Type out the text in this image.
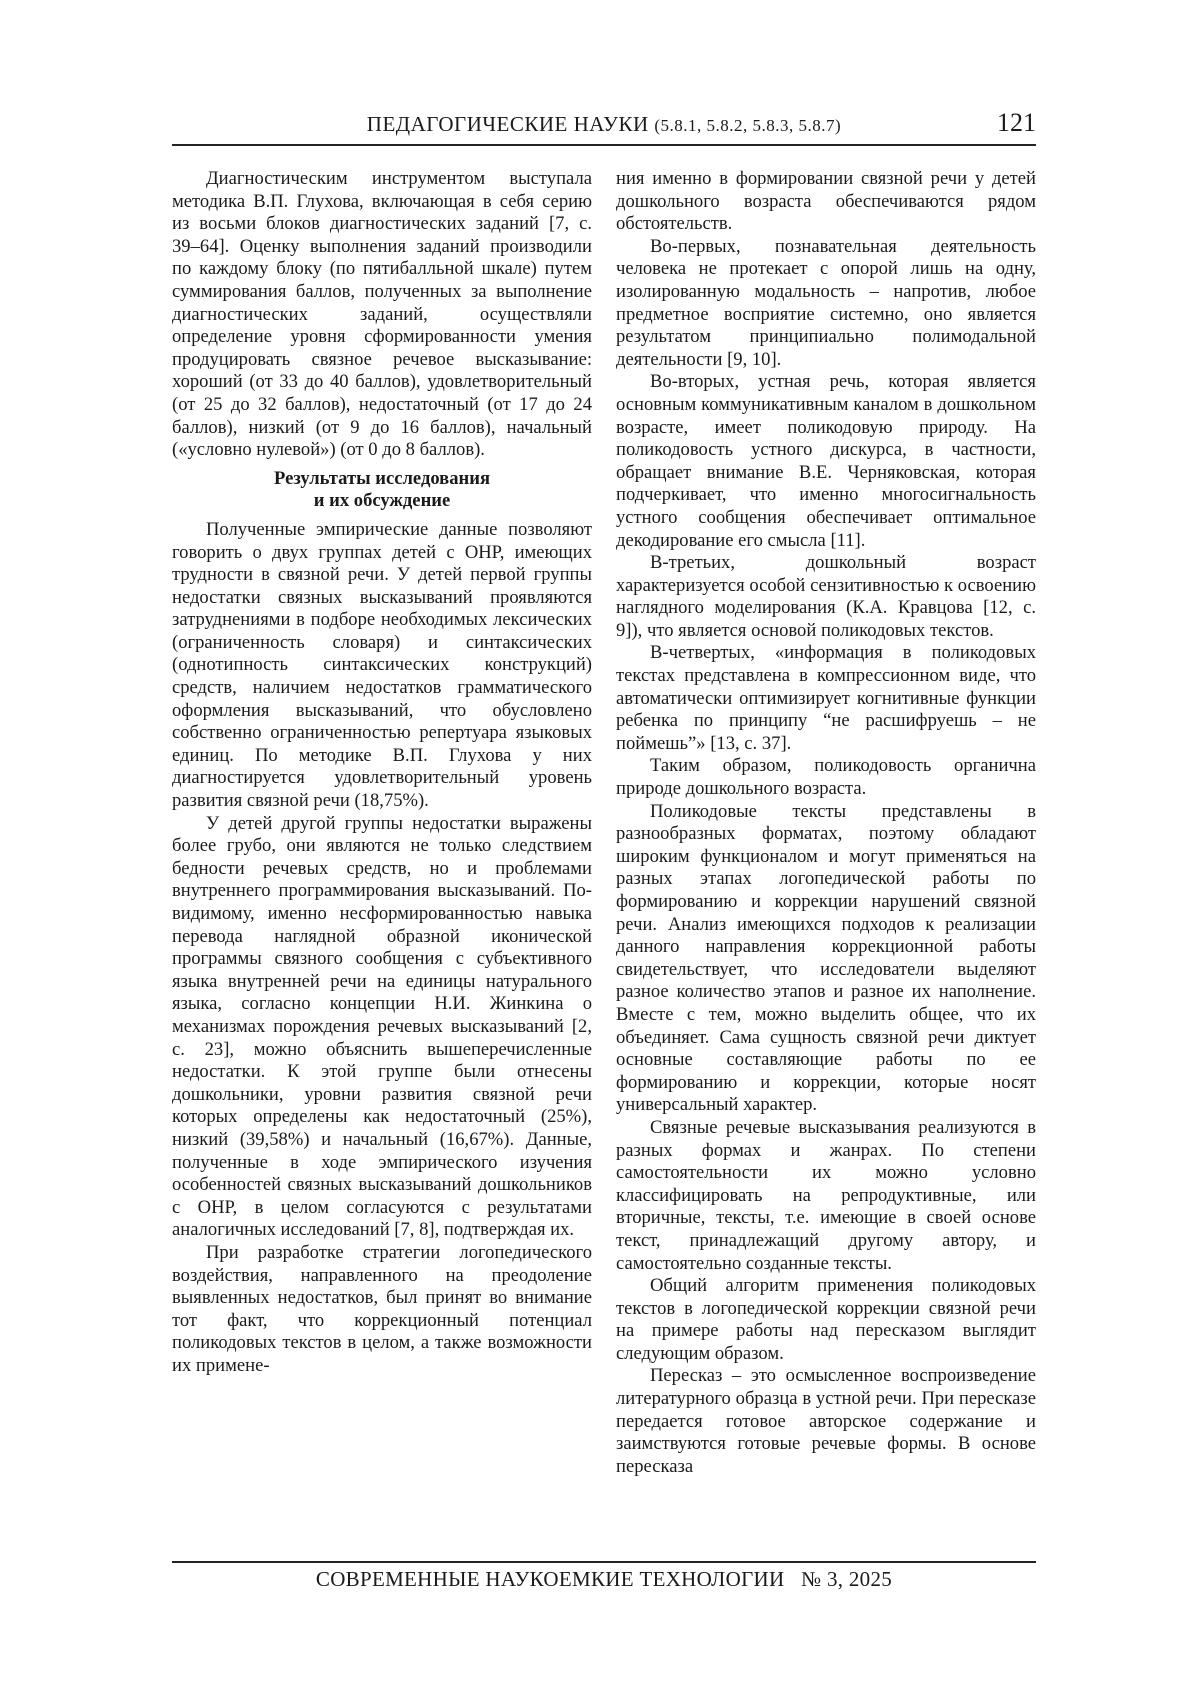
ПЕДАГОГИЧЕСКИЕ НАУКИ (5.8.1, 5.8.2, 5.8.3, 5.8.7)	121

Диагностическим инструментом выступала методика В.П. Глухова, включающая в себя серию из восьми блоков диагностических заданий [7, с. 39–64]. Оценку выполнения заданий производили по каждому блоку (по пятибалльной шкале) путем суммирования баллов, полученных за выполнение диагностических заданий, осуществляли определение уровня сформированности умения продуцировать связное речевое высказывание: хороший (от 33 до 40 баллов), удовлетворительный (от 25 до 32 баллов), недостаточный (от 17 до 24 баллов), низкий (от 9 до 16 баллов), начальный («условно нулевой») (от 0 до 8 баллов).

Результаты исследования
и их обсуждение

Полученные эмпирические данные позволяют говорить о двух группах детей с ОНР, имеющих трудности в связной речи. У детей первой группы недостатки связных высказываний проявляются затруднениями в подборе необходимых лексических (ограниченность словаря) и синтаксических (однотипность синтаксических конструкций) средств, наличием недостатков грамматического оформления высказываний, что обусловлено собственно ограниченностью репертуара языковых единиц. По методике В.П. Глухова у них диагностируется удовлетворительный уровень развития связной речи (18,75%).

У детей другой группы недостатки выражены более грубо, они являются не только следствием бедности речевых средств, но и проблемами внутреннего программирования высказываний. По-видимому, именно несформированностью навыка перевода наглядной образной иконической программы связного сообщения с субъективного языка внутренней речи на единицы натурального языка, согласно концепции Н.И. Жинкина о механизмах порождения речевых высказываний [2, с. 23], можно объяснить вышеперечисленные недостатки. К этой группе были отнесены дошкольники, уровни развития связной речи которых определены как недостаточный (25%), низкий (39,58%) и начальный (16,67%). Данные, полученные в ходе эмпирического изучения особенностей связных высказываний дошкольников с ОНР, в целом согласуются с результатами аналогичных исследований [7, 8], подтверждая их.

При разработке стратегии логопедического воздействия, направленного на преодоление выявленных недостатков, был принят во внимание тот факт, что коррекционный потенциал поликодовых текстов в целом, а также возможности их примене-

ния именно в формировании связной речи у детей дошкольного возраста обеспечиваются рядом обстоятельств.

Во-первых, познавательная деятельность человека не протекает с опорой лишь на одну, изолированную модальность – напротив, любое предметное восприятие системно, оно является результатом принципиально полимодальной деятельности [9, 10].

Во-вторых, устная речь, которая является основным коммуникативным каналом в дошкольном возрасте, имеет поликодовую природу. На поликодовость устного дискурса, в частности, обращает внимание В.Е. Черняковская, которая подчеркивает, что именно многосигнальность устного сообщения обеспечивает оптимальное декодирование его смысла [11].

В-третьих, дошкольный возраст характеризуется особой сензитивностью к освоению наглядного моделирования (К.А. Кравцова [12, с. 9]), что является основой поликодовых текстов.

В-четвертых, «информация в поликодовых текстах представлена в компрессионном виде, что автоматически оптимизирует когнитивные функции ребенка по принципу “не расшифруешь – не поймешь”» [13, с. 37].

Таким образом, поликодовость органична природе дошкольного возраста.

Поликодовые тексты представлены в разнообразных форматах, поэтому обладают широким функционалом и могут применяться на разных этапах логопедической работы по формированию и коррекции нарушений связной речи. Анализ имеющихся подходов к реализации данного направления коррекционной работы свидетельствует, что исследователи выделяют разное количество этапов и разное их наполнение. Вместе с тем, можно выделить общее, что их объединяет. Сама сущность связной речи диктует основные составляющие работы по ее формированию и коррекции, которые носят универсальный характер.

Связные речевые высказывания реализуются в разных формах и жанрах. По степени самостоятельности их можно условно классифицировать на репродуктивные, или вторичные, тексты, т.е. имеющие в своей основе текст, принадлежащий другому автору, и самостоятельно созданные тексты.

Общий алгоритм применения поликодовых текстов в логопедической коррекции связной речи на примере работы над пересказом выглядит следующим образом.

Пересказ – это осмысленное воспроизведение литературного образца в устной речи. При пересказе передается готовое авторское содержание и заимствуются готовые речевые формы. В основе пересказа

СОВРЕМЕННЫЕ НАУКОЕМКИЕ ТЕХНОЛОГИИ № 3, 2025
